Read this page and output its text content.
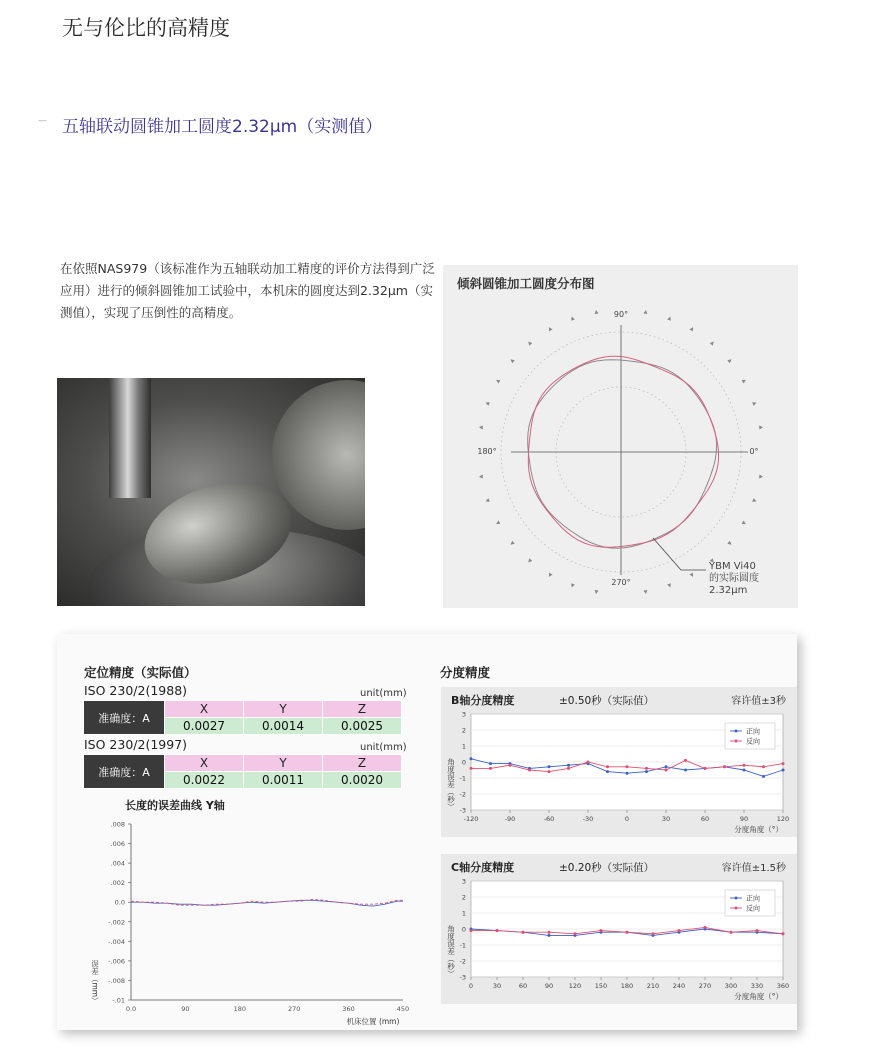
无与伦比的高精度
— 五轴联动圆锥加工圆度2.32μm（实测值）
在依照NAS979（该标准作为五轴联动加工精度的评价方法得到广泛应用）进行的倾斜圆锥加工试验中，本机床的圆度达到2.32μm（实测值），实现了压倒性的高精度。
倾斜圆锥加工圆度分布图
90°
180°	0°
270°
YBM Vi40
的实际圆度
2.32μm
定位精度（实际值）
ISO 230/2(1988)	unit(mm)
准确度：A	X	Y	Z
	0.0027	0.0014	0.0025
ISO 230/2(1997)	unit(mm)
准确度：A	X	Y	Z
	0.0022	0.0011	0.0020
长度的误差曲线 Y轴
.008
.006
.004
.002
0.0
-.002
-.004
-.006
-.008
-.01
0.0	90	180	270	360	450
机床位置 (mm)
误差（mm）
分度精度
B轴分度精度	±0.50秒（实际值）	容许值±3秒
3
2
1
0
-1
-2
-3
-120	-90	-60	-30	0	30	60	90	120
分度角度（°）
角度误差（秒）
正向
反向
C轴分度精度	±0.20秒（实际值）	容许值±1.5秒
3
2
1
0
-1
-2
-3
0	30	60	90 120 150 180 210 240 270 300 330 360
分度角度（°）
角度误差（秒）
正向
反向
